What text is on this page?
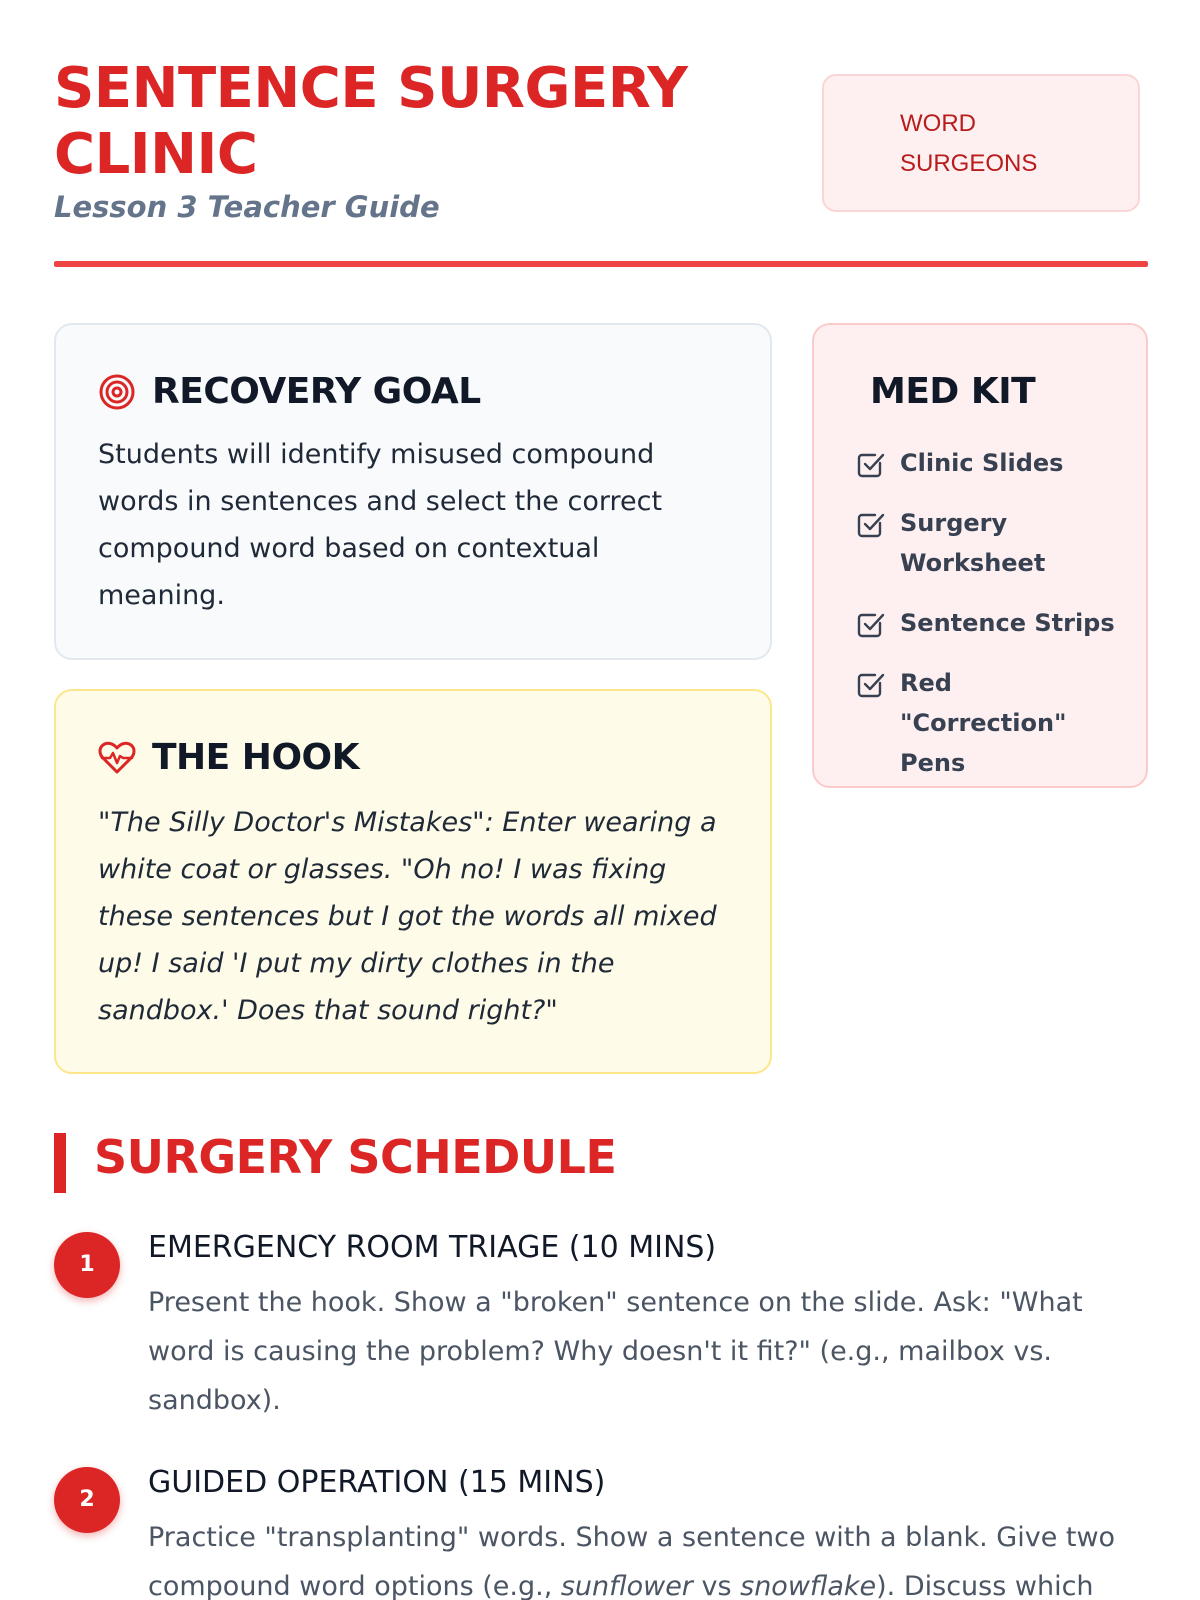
SENTENCE SURGERY CLINIC

Lesson 3 Teacher Guide

WORD SURGEONS
RECOVERY GOAL
Students will identify misused compound words in sentences and select the correct compound word based on contextual meaning.
THE HOOK
"The Silly Doctor's Mistakes": Enter wearing a white coat or glasses. "Oh no! I was fixing these sentences but I got the words all mixed up! I said 'I put my dirty clothes in the sandbox.' Does that sound right?"
MED KIT
Clinic Slides
Surgery Worksheet
Sentence Strips
Red "Correction" Pens
SURGERY SCHEDULE
1	EMERGENCY ROOM TRIAGE (10 MINS)

Present the hook. Show a "broken" sentence on the slide. Ask: "What word is causing the problem? Why doesn't it fit?" (e.g., mailbox vs. sandbox).

2	GUIDED OPERATION (15 MINS)

Practice "transplanting" words. Show a sentence with a blank. Give two compound word options (e.g., sunflower vs snowflake). Discuss which
